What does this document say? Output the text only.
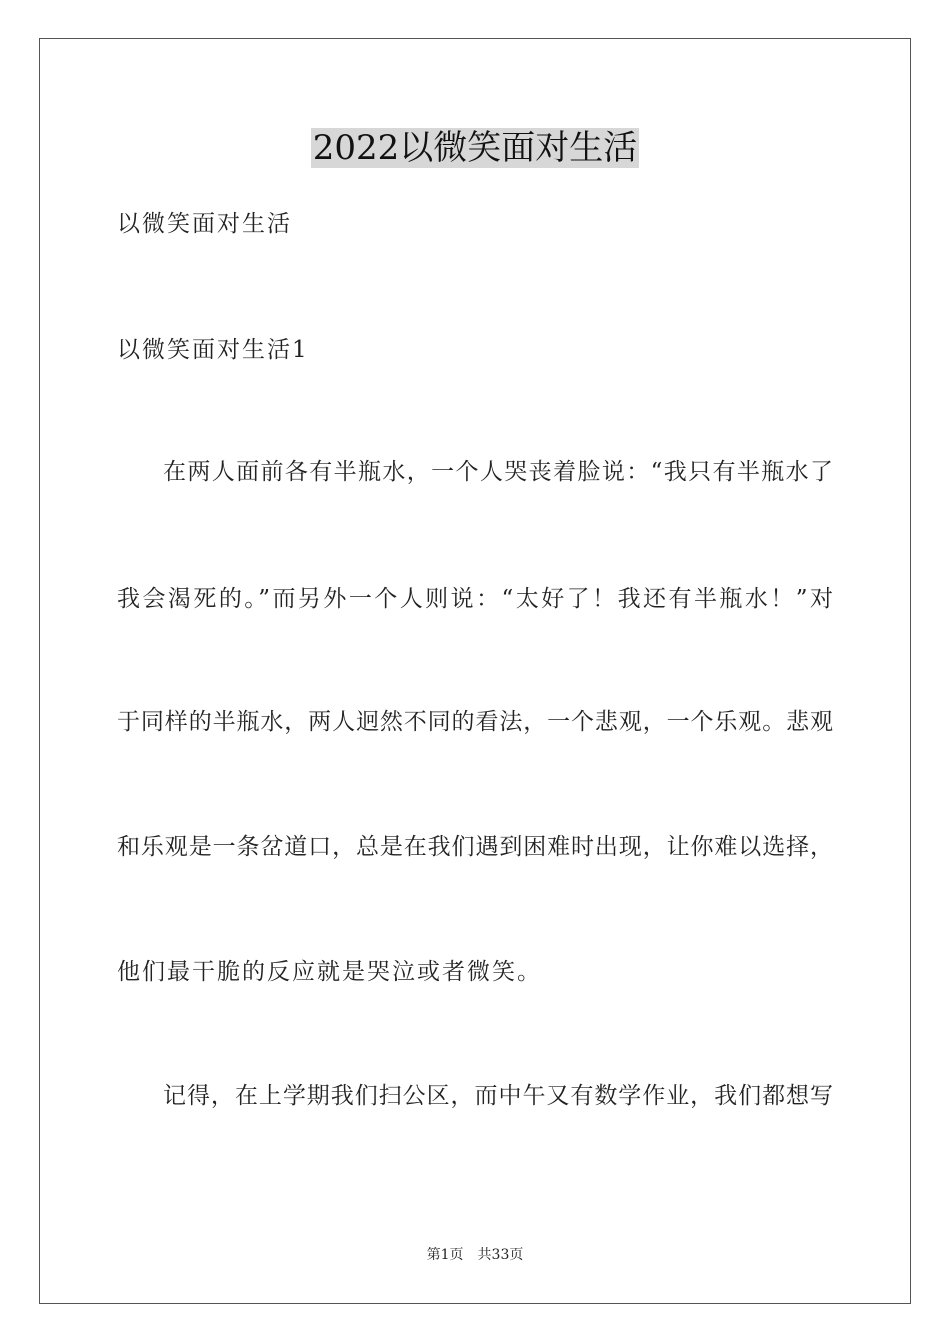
2022以微笑面对生活
以微笑面对生活
以微笑面对生活1
在两人面前各有半瓶水，一个人哭丧着脸说：“我只有半瓶水了
我会渴死的。”而另外一个人则说：“太好了！我还有半瓶水！”对
于同样的半瓶水，两人迥然不同的看法，一个悲观，一个乐观。悲观
和乐观是一条岔道口，总是在我们遇到困难时出现，让你难以选择，
他们最干脆的反应就是哭泣或者微笑。
记得，在上学期我们扫公区，而中午又有数学作业，我们都想写
第1页　共33页
